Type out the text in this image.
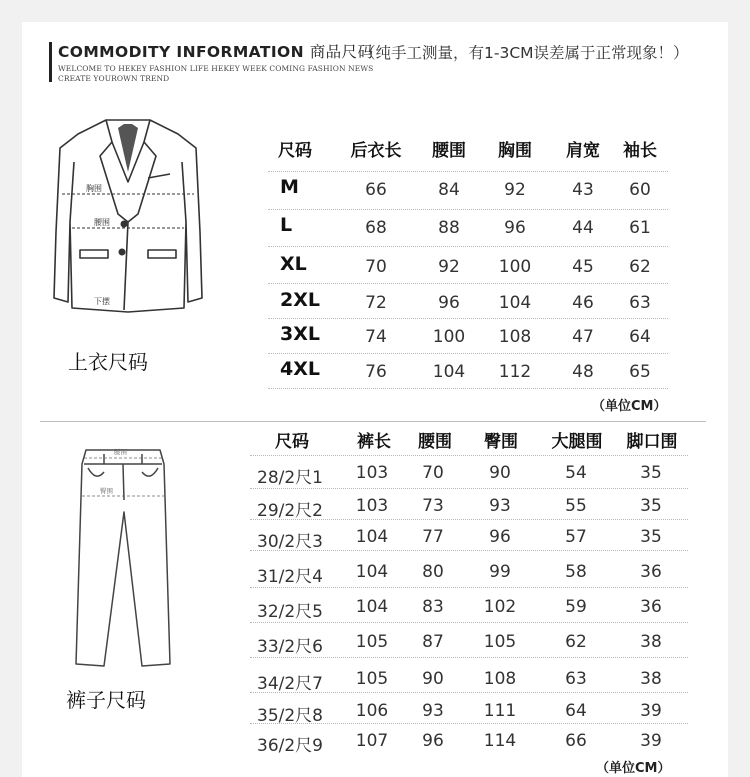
COMMODITY INFORMATION 商品尺码
（纯手工测量，有1-3CM误差属于正常现象！）
WELCOME TO HEKEY FASHION LIFE HEKEY WEEK COMING FASHION NEWS
CREATE YOUROWN TREND
胸围
腰围
下摆
上衣尺码
尺码	后衣长	腰围	胸围	肩宽	袖长
M	66	84	92	43	60
L	68	88	96	44	61
XL	70	92	100	45	62
2XL	72	96	104	46	63
3XL	74	100	108	47	64
4XL	76	104	112	48	65
（单位CM）
腰围
臀围
裤子尺码
尺码	裤长	腰围	臀围	大腿围	脚口围
28/2尺1	103	70	90	54	35
29/2尺2	103	73	93	55	35
30/2尺3	104	77	96	57	35
31/2尺4	104	80	99	58	36
32/2尺5	104	83	102	59	36
33/2尺6	105	87	105	62	38
34/2尺7	105	90	108	63	38
35/2尺8	106	93	111	64	39
36/2尺9	107	96	114	66	39
（单位CM）
